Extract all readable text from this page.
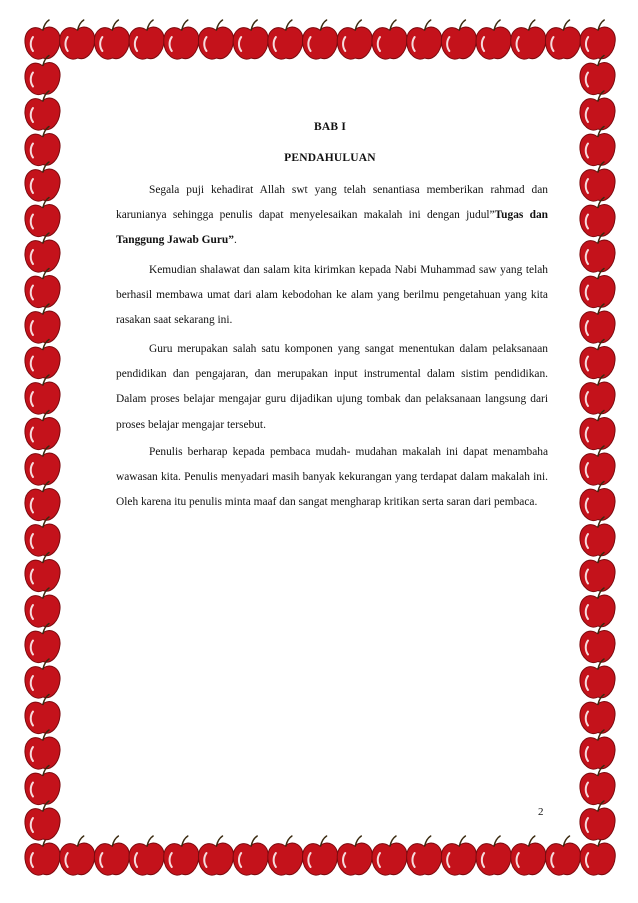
BAB I
PENDAHULUAN

Segala puji kehadirat Allah swt yang telah senantiasa memberikan rahmad dan karunianya sehingga penulis dapat menyelesaikan makalah ini dengan judul”Tugas dan Tanggung Jawab Guru”.

Kemudian shalawat dan salam kita kirimkan kepada Nabi Muhammad saw yang telah berhasil membawa umat dari alam kebodohan ke alam yang berilmu pengetahuan yang kita rasakan saat sekarang ini.

Guru merupakan salah satu komponen yang sangat menentukan dalam pelaksanaan pendidikan dan pengajaran, dan merupakan input instrumental dalam sistim pendidikan. Dalam proses belajar mengajar guru dijadikan ujung tombak dan pelaksanaan langsung dari proses belajar mengajar tersebut.

Penulis berharap kepada pembaca mudah- mudahan makalah ini dapat menambaha wawasan kita. Penulis menyadari masih banyak kekurangan yang terdapat dalam makalah ini. Oleh karena itu penulis minta maaf dan sangat mengharap kritikan serta saran dari pembaca.

2
